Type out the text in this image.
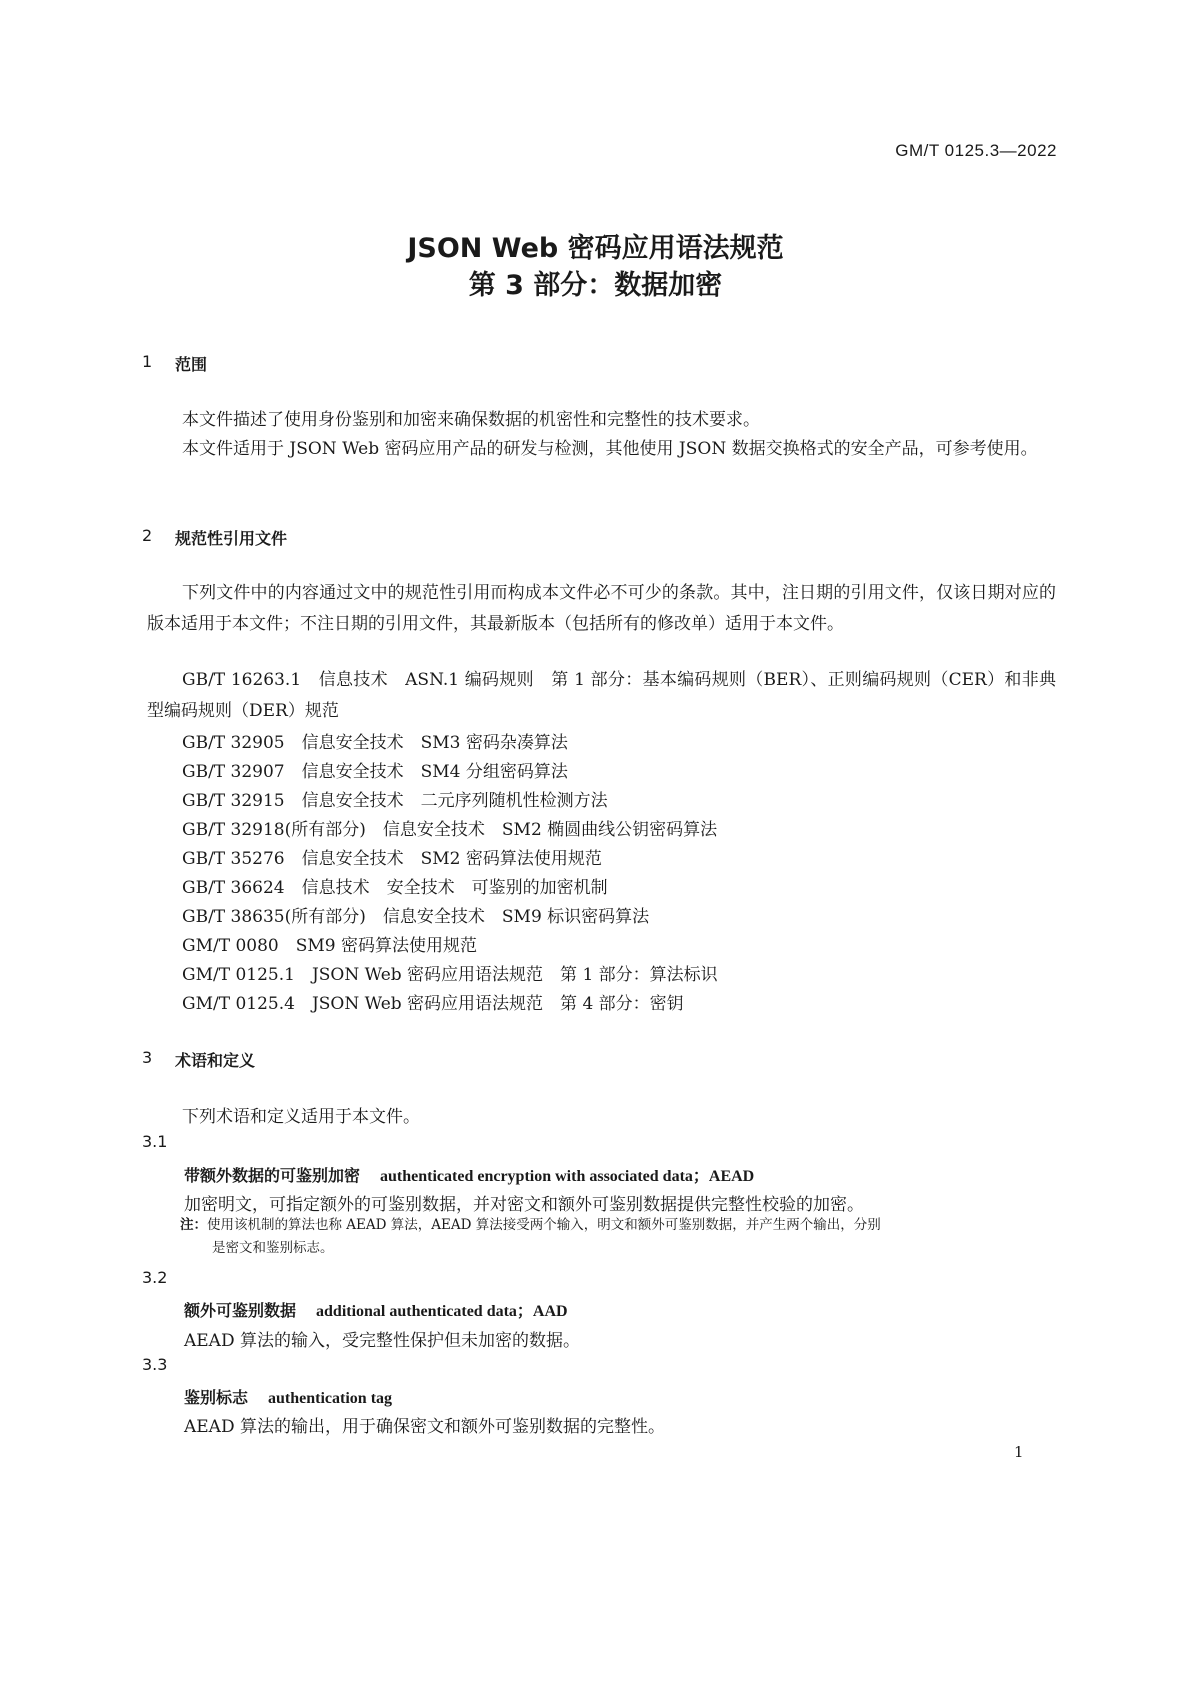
GM/T 0125.3—2022
JSON Web 密码应用语法规范
第 3 部分：数据加密
1 范围
本文件描述了使用身份鉴别和加密来确保数据的机密性和完整性的技术要求。
本文件适用于 JSON Web 密码应用产品的研发与检测，其他使用 JSON 数据交换格式的安全产品，可参考使用。
2 规范性引用文件
下列文件中的内容通过文中的规范性引用而构成本文件必不可少的条款。其中，注日期的引用文件，仅该日期对应的版本适用于本文件；不注日期的引用文件，其最新版本（包括所有的修改单）适用于本文件。
GB/T 16263.1　信息技术　ASN.1 编码规则　第 1 部分：基本编码规则（BER）、正则编码规则（CER）和非典型编码规则（DER）规范
GB/T 32905　信息安全技术　SM3 密码杂凑算法
GB/T 32907　信息安全技术　SM4 分组密码算法
GB/T 32915　信息安全技术　二元序列随机性检测方法
GB/T 32918(所有部分)　信息安全技术　SM2 椭圆曲线公钥密码算法
GB/T 35276　信息安全技术　SM2 密码算法使用规范
GB/T 36624　信息技术　安全技术　可鉴别的加密机制
GB/T 38635(所有部分)　信息安全技术　SM9 标识密码算法
GM/T 0080　SM9 密码算法使用规范
GM/T 0125.1　JSON Web 密码应用语法规范　第 1 部分：算法标识
GM/T 0125.4　JSON Web 密码应用语法规范　第 4 部分：密钥
3 术语和定义
下列术语和定义适用于本文件。
3.1
带额外数据的可鉴别加密 authenticated encryption with associated data；AEAD
加密明文，可指定额外的可鉴别数据，并对密文和额外可鉴别数据提供完整性校验的加密。
注：使用该机制的算法也称 AEAD 算法，AEAD 算法接受两个输入，明文和额外可鉴别数据，并产生两个输出，分别
是密文和鉴别标志。
3.2
额外可鉴别数据 additional authenticated data；AAD
AEAD 算法的输入，受完整性保护但未加密的数据。
3.3
鉴别标志 authentication tag
AEAD 算法的输出，用于确保密文和额外可鉴别数据的完整性。
1
